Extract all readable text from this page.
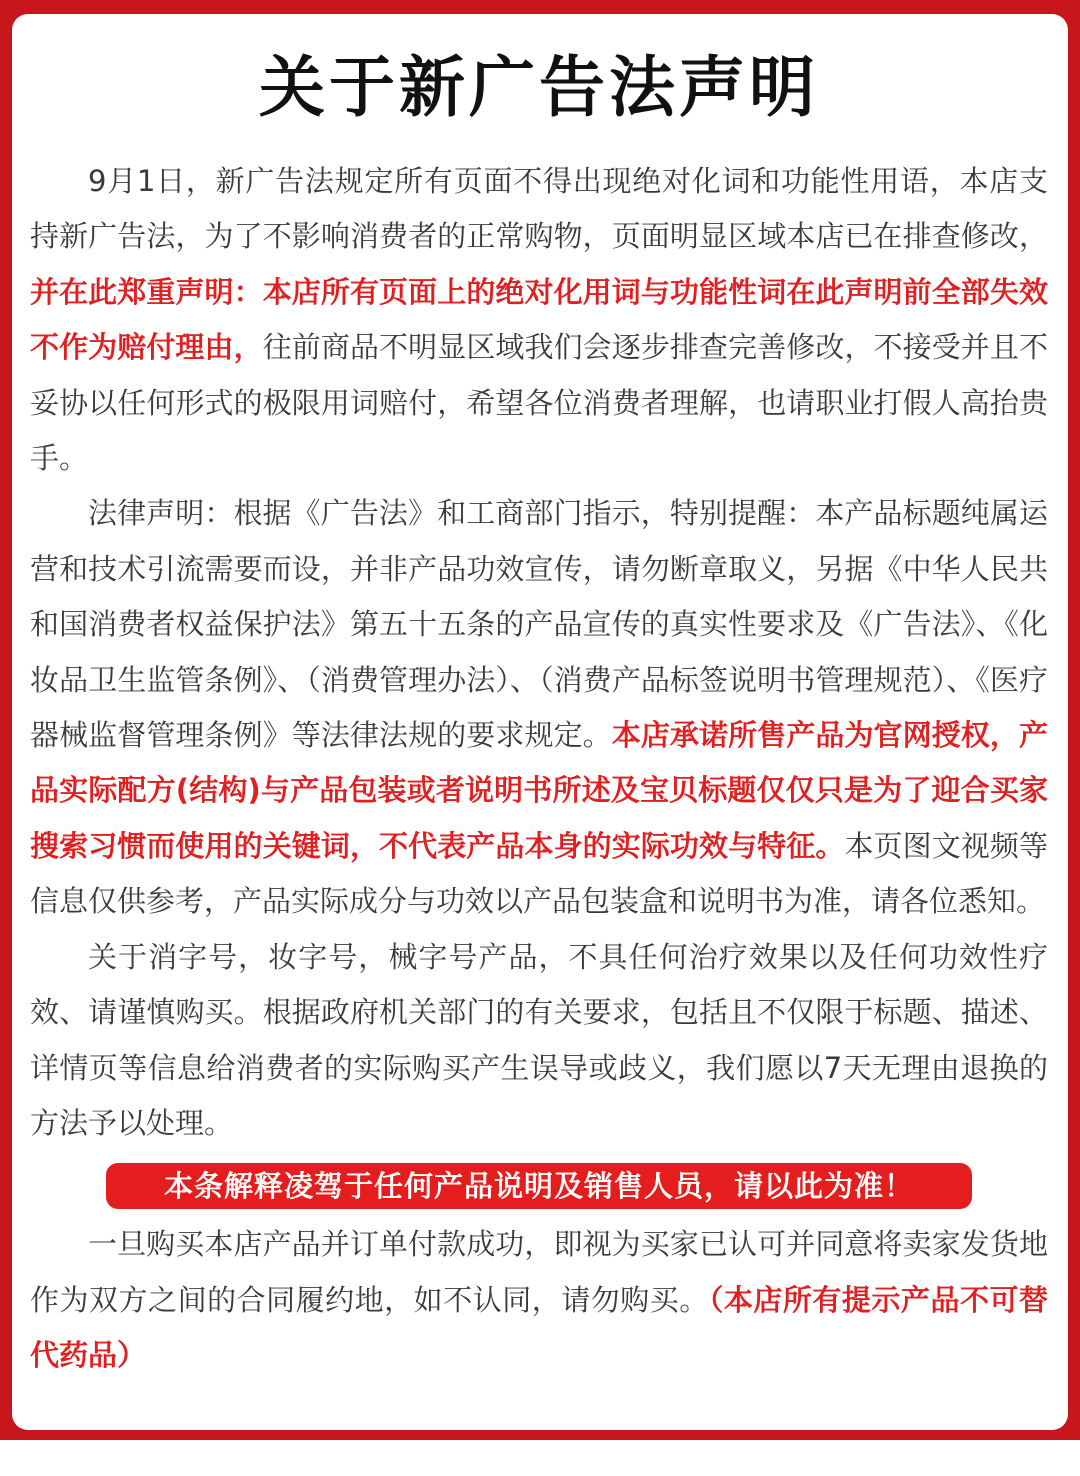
关于新广告法声明

9月1日，新广告法规定所有页面不得出现绝对化词和功能性用语，本店支持新广告法，为了不影响消费者的正常购物，页面明显区域本店已在排查修改，并在此郑重声明：本店所有页面上的绝对化用词与功能性词在此声明前全部失效不作为赔付理由，往前商品不明显区域我们会逐步排查完善修改，不接受并且不妥协以任何形式的极限用词赔付，希望各位消费者理解，也请职业打假人高抬贵手。

法律声明：根据《广告法》和工商部门指示，特别提醒：本产品标题纯属运营和技术引流需要而设，并非产品功效宣传，请勿断章取义，另据《中华人民共和国消费者权益保护法》第五十五条的产品宣传的真实性要求及《广告法》、《化妆品卫生监管条例》、（消费管理办法）、（消费产品标签说明书管理规范）、《医疗器械监督管理条例》等法律法规的要求规定。本店承诺所售产品为官网授权，产品实际配方(结构)与产品包装或者说明书所述及宝贝标题仅仅只是为了迎合买家搜索习惯而使用的关键词，不代表产品本身的实际功效与特征。本页图文视频等信息仅供参考，产品实际成分与功效以产品包装盒和说明书为准，请各位悉知。

关于消字号，妆字号，械字号产品，不具任何治疗效果以及任何功效性疗效、请谨慎购买。根据政府机关部门的有关要求，包括且不仅限于标题、描述、详情页等信息给消费者的实际购买产生误导或歧义，我们愿以7天无理由退换的方法予以处理。

本条解释凌驾于任何产品说明及销售人员，请以此为准！

一旦购买本店产品并订单付款成功，即视为买家已认可并同意将卖家发货地作为双方之间的合同履约地，如不认同，请勿购买。（本店所有提示产品不可替代药品）
